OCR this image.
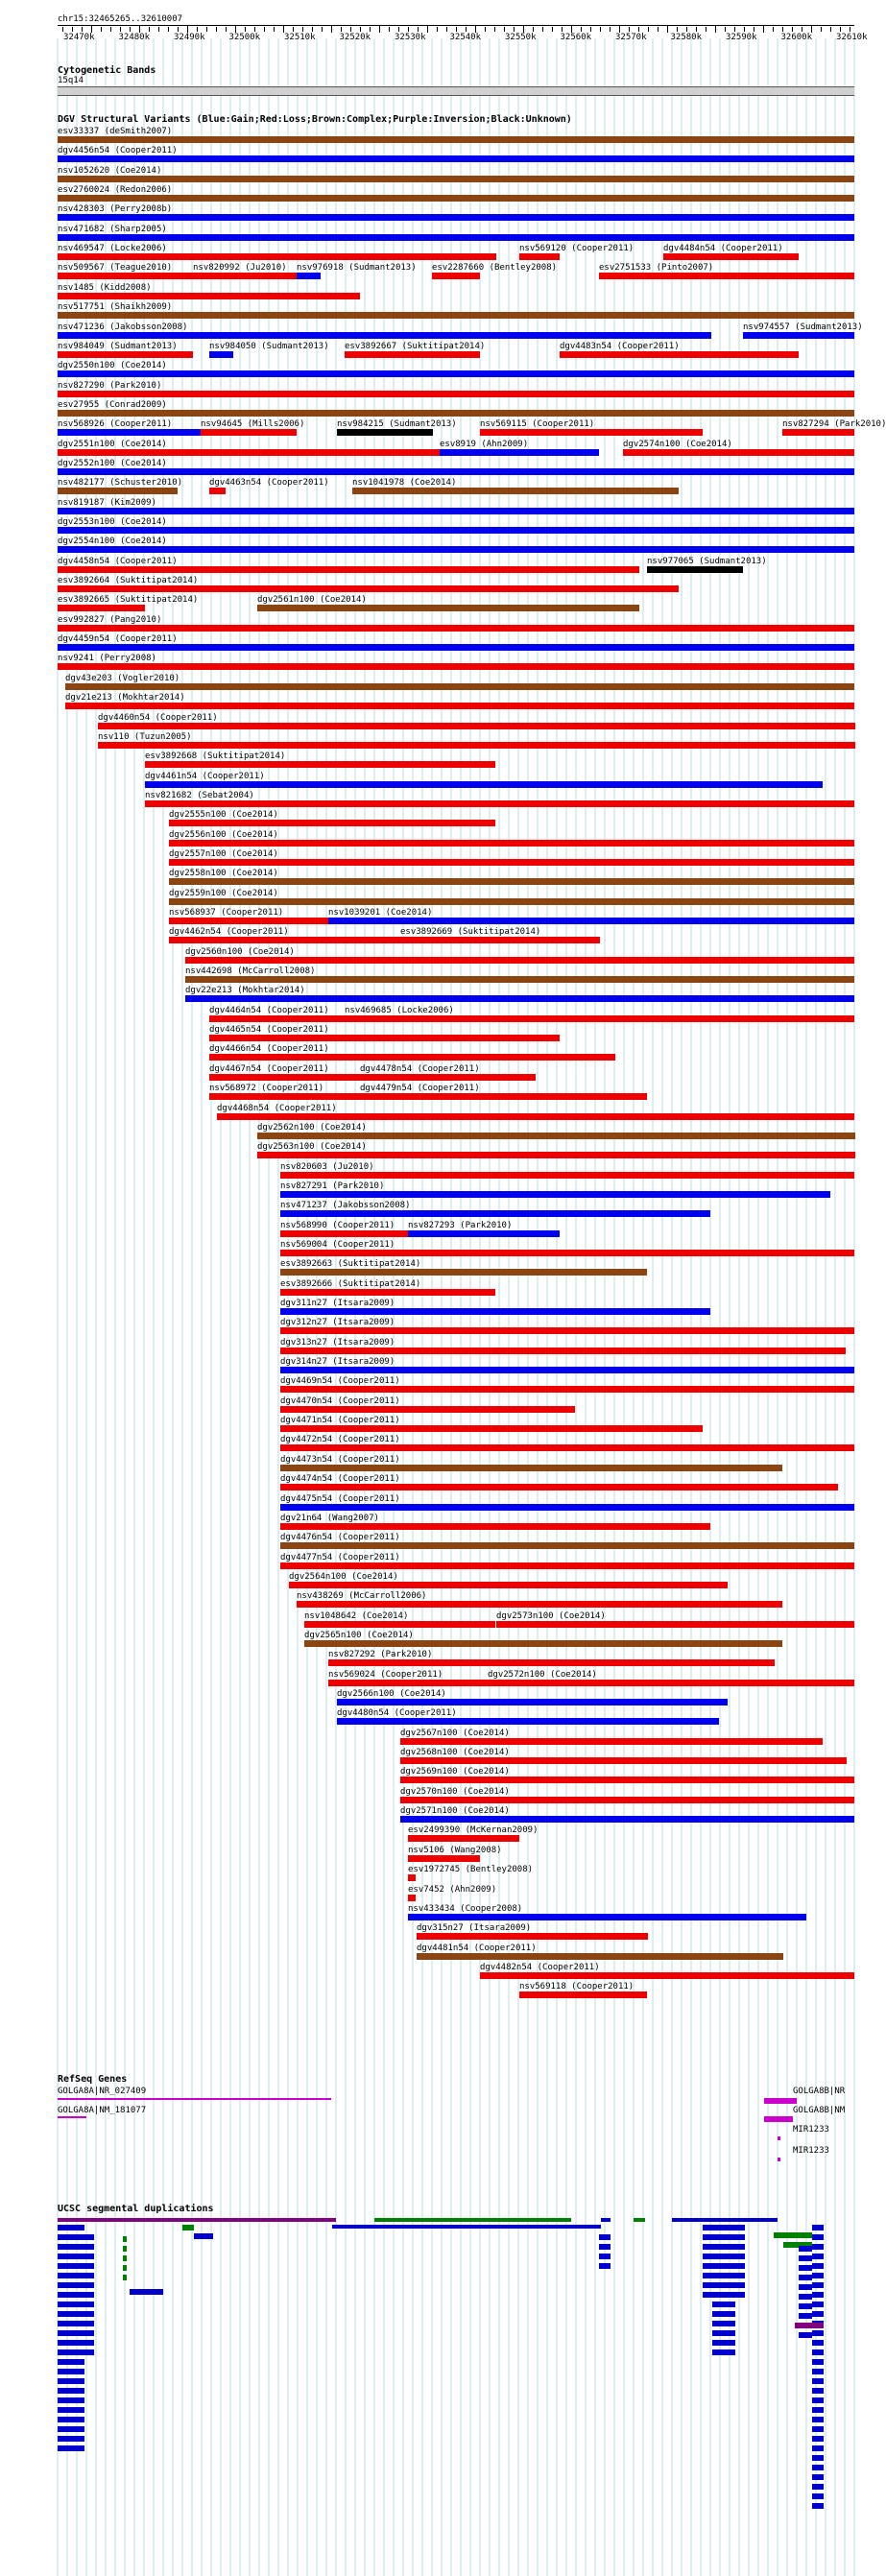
chr15:32465265..32610007
32470k	32480k	32490k	32500k	32510k	32520k	32530k	32540k	32550k	32560k	32570k	32580k	32590k	32600k	32610k
Cytogenetic Bands
15q14
DGV Structural Variants (Blue:Gain;Red:Loss;Brown:Complex;Purple:Inversion;Black:Unknown)
esv33337 (deSmith2007)
dgv4456n54 (Cooper2011)
nsv1052620 (Coe2014)
esv2760024 (Redon2006)
nsv428303 (Perry2008b)
nsv471682 (Sharp2005)
nsv469547 (Locke2006)	nsv569120 (Cooper2011)	dgv4484n54 (Cooper2011)
nsv509567 (Teague2010) nsv820992 (Ju2010) nsv976918 (Sudmant2013) esv2287660 (Bentley2008)	esv2751533 (Pinto2007)
nsv1485 (Kidd2008)
nsv517751 (Shaikh2009)
nsv471236 (Jakobsson2008)	nsv974557 (Sudmant2013)
nsv984049 (Sudmant2013)	nsv984050 (Sudmant2013) esv3892667 (Suktitipat2014)	dgv4483n54 (Cooper2011)
dgv2550n100 (Coe2014)
nsv827290 (Park2010)
esv27955 (Conrad2009)
nsv568926 (Cooper2011)	nsv94645 (Mills2006)	nsv984215 (Sudmant2013)	nsv569115 (Cooper2011)	nsv827294 (Park2010)
dgv2551n100 (Coe2014)	esv8919 (Ahn2009)	dgv2574n100 (Coe2014)
dgv2552n100 (Coe2014)
nsv482177 (Schuster2010)	dgv4463n54 (Cooper2011)	nsv1041978 (Coe2014)
nsv819187 (Kim2009)
dgv2553n100 (Coe2014)
dgv2554n100 (Coe2014)
dgv4458n54 (Cooper2011)	nsv977065 (Sudmant2013)
esv3892664 (Suktitipat2014)
esv3892665 (Suktitipat2014)	dgv2561n100 (Coe2014)
esv992827 (Pang2010)
dgv4459n54 (Cooper2011)
nsv9241 (Perry2008)
dgv43e203 (Vogler2010)
dgv21e213 (Mokhtar2014)
dgv4460n54 (Cooper2011)
nsv110 (Tuzun2005)
esv3892668 (Suktitipat2014)
dgv4461n54 (Cooper2011)
nsv821682 (Sebat2004)
dgv2555n100 (Coe2014)
dgv2556n100 (Coe2014)
dgv2557n100 (Coe2014)
dgv2558n100 (Coe2014)
dgv2559n100 (Coe2014)
nsv568937 (Cooper2011)	nsv1039201 (Coe2014)
dgv4462n54 (Cooper2011)	esv3892669 (Suktitipat2014)
dgv2560n100 (Coe2014)
nsv442698 (McCarroll2008)
dgv22e213 (Mokhtar2014)
dgv4464n54 (Cooper2011) nsv469685 (Locke2006)
dgv4465n54 (Cooper2011)
dgv4466n54 (Cooper2011)
dgv4467n54 (Cooper2011)	dgv4478n54 (Cooper2011)
nsv568972 (Cooper2011)	dgv4479n54 (Cooper2011)
dgv4468n54 (Cooper2011)
dgv2562n100 (Coe2014)
dgv2563n100 (Coe2014)
nsv820603 (Ju2010)
nsv827291 (Park2010)
nsv471237 (Jakobsson2008)
nsv568990 (Cooper2011) nsv827293 (Park2010)
nsv569004 (Cooper2011)
esv3892663 (Suktitipat2014)
esv3892666 (Suktitipat2014)
dgv311n27 (Itsara2009)
dgv312n27 (Itsara2009)
dgv313n27 (Itsara2009)
dgv314n27 (Itsara2009)
dgv4469n54 (Cooper2011)
dgv4470n54 (Cooper2011)
dgv4471n54 (Cooper2011)
dgv4472n54 (Cooper2011)
dgv4473n54 (Cooper2011)
dgv4474n54 (Cooper2011)
dgv4475n54 (Cooper2011)
dgv21n64 (Wang2007)
dgv4476n54 (Cooper2011)
dgv4477n54 (Cooper2011)
dgv2564n100 (Coe2014)
nsv438269 (McCarroll2006)
nsv1048642 (Coe2014)	dgv2573n100 (Coe2014)
dgv2565n100 (Coe2014)
nsv827292 (Park2010)
nsv569024 (Cooper2011)	dgv2572n100 (Coe2014)
dgv2566n100 (Coe2014)
dgv4480n54 (Cooper2011)
dgv2567n100 (Coe2014)
dgv2568n100 (Coe2014)
dgv2569n100 (Coe2014)
dgv2570n100 (Coe2014)
dgv2571n100 (Coe2014)
esv2499390 (McKernan2009)
nsv5106 (Wang2008)
esv1972745 (Bentley2008)
esv7452 (Ahn2009)
nsv433434 (Cooper2008)
dgv315n27 (Itsara2009)
dgv4481n54 (Cooper2011)
dgv4482n54 (Cooper2011)
nsv569118 (Cooper2011)
RefSeq Genes
GOLGA8A|NR_027409
GOLGA8A|NM_181077
GOLGA8B|NR
GOLGA8B|NM
MIR1233
MIR1233
UCSC segmental duplications
